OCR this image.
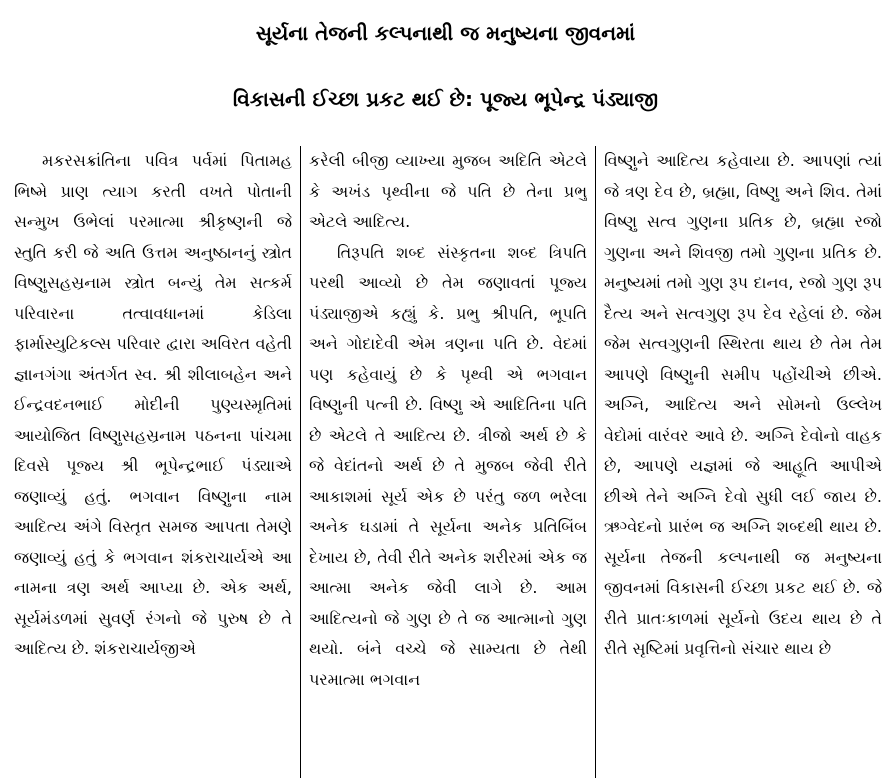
સૂર્યના તેજની કલ્પનાથી જ મનુષ્યના જીવનમાં
વિકાસની ઈચ્છા પ્રકટ થઈ છે: પૂજ્ય ભૂપેન્દ્ર પંડ્યાજી

મકરસક્રાંતિના પવિત્ર પર્વમાં પિતામહ ભિષ્મે પ્રાણ ત્યાગ કરતી વખતે પોતાની સન્મુખ ઉભેલાં પરમાત્મા શ્રીકૃષ્ણની જે સ્તુતિ કરી જે અતિ ઉત્તમ અનુષ્ઠાનનું સ્ત્રોત વિષ્ણુસહસ્રનામ સ્ત્રોત બન્યું તેમ સત્કર્મ પરિવારના તત્વાવધાનમાં કેડિલા ફાર્માસ્યુટિકલ્સ પરિવાર દ્વારા અવિરત વહેતી જ્ઞાનગંગા અંતર્ગત સ્વ. શ્રી શીલાબહેન અને ઈન્દ્રવદનભાઈ મોદીની પુણ્યસ્મૃતિમાં આયોજિત વિષ્ણુસહસ્રનામ પઠનના પાંચમા દિવસે પૂજ્ય શ્રી ભૂપેન્દ્રભાઈ પંડ્યાએ જણાવ્યું હતું. ભગવાન વિષ્ણુના નામ આદિત્ય અંગે વિસ્તૃત સમજ આપતા તેમણે જણાવ્યું હતું કે ભગવાન શંકરાચાર્યએ આ નામના ત્રણ અર્થ આપ્યા છે. એક અર્થ, સૂર્યમંડળમાં સુવર્ણ રંગનો જે પુરુષ છે તે આદિત્ય છે. શંકરાચાર્યજીએ

કરેલી બીજી વ્યાખ્યા મુજબ અદિતિ એટલે કે અખંડ પૃથ્વીના જે પતિ છે તેના પ્રભુ એટલે આદિત્ય.

તિરૂપતિ શબ્દ સંસ્કૃતના શબ્દ ત્રિપતિ પરથી આવ્યો છે તેમ જણાવતાં પૂજ્ય પંડ્યાજીએ કહ્યું કે. પ્રભુ શ્રીપતિ, ભૂપતિ અને ગોદાદેવી એમ ત્રણના પતિ છે. વેદમાં પણ કહેવાયું છે કે પૃથ્વી એ ભગવાન વિષ્ણુની પત્ની છે. વિષ્ણુ એ આદિતિના પતિ છે એટલે તે આદિત્ય છે. ત્રીજો અર્થ છે કે જે વેદાંતનો અર્થ છે તે મુજબ જેવી રીતે આકાશમાં સૂર્ય એક છે પરંતુ જળ ભરેલા અનેક ઘડામાં તે સૂર્યના અનેક પ્રતિબિંબ દેખાય છે, તેવી રીતે અનેક શરીરમાં એક જ આત્મા અનેક જેવી લાગે છે. આમ આદિત્યનો જે ગુણ છે તે જ આત્માનો ગુણ થયો. બંને વચ્ચે જે સામ્યતા છે તેથી પરમાત્મા ભગવાન

વિષ્ણુને આદિત્ય કહેવાયા છે. આપણાં ત્યાં જે ત્રણ દેવ છે, બ્રહ્મા, વિષ્ણુ અને શિવ. તેમાં વિષ્ણુ સત્વ ગુણના પ્રતિક છે, બ્રહ્મા રજો ગુણના અને શિવજી તમો ગુણના પ્રતિક છે. મનુષ્યમાં તમો ગુણ રૂપ દાનવ, રજો ગુણ રૂપ દૈત્ય અને સત્વગુણ રૂપ દેવ રહેલાં છે. જેમ જેમ સત્વગુણની સ્થિરતા થાય છે તેમ તેમ આપણે વિષ્ણુની સમીપ પહોંચીએ છીએ. અગ્નિ, આદિત્ય અને સોમનો ઉલ્લેખ વેદોમાં વારંવર આવે છે. અગ્નિ દેવોનો વાહક છે, આપણે યજ્ઞમાં જે આહૂતિ આપીએ છીએ તેને અગ્નિ દેવો સુધી લઈ જાય છે. ઋગ્વેદનો પ્રારંભ જ અગ્નિ શબ્દથી થાય છે. સૂર્યના તેજની કલ્પનાથી જ મનુષ્યના જીવનમાં વિકાસની ઈચ્છા પ્રકટ થઈ છે. જે રીતે પ્રાતઃકાળમાં સૂર્યનો ઉદય થાય છે તે રીતે સૃષ્ટિમાં પ્રવૃત્તિનો સંચાર થાય છે
